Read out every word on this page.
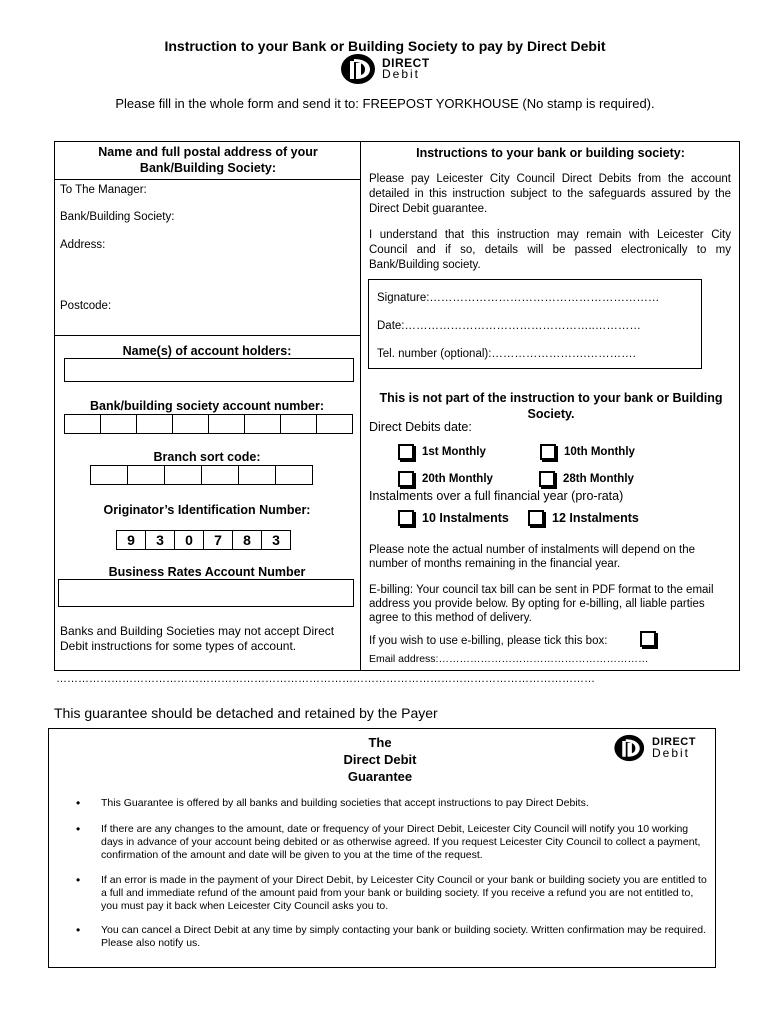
Instruction to your Bank or Building Society to pay by Direct Debit
DIRECT
Debit
Please fill in the whole form and send it to: FREEPOST YORKHOUSE (No stamp is required).
Name and full postal address of your Bank/Building Society:
To The Manager:
Bank/Building Society:
Address:
Postcode:
Name(s) of account holders:
Bank/building society account number:
Branch sort code:
Originator’s Identification Number:
9	3	0	7	8	3
Business Rates Account Number
Banks and Building Societies may not accept Direct Debit instructions for some types of account.
Instructions to your bank or building society:
Please pay Leicester City Council Direct Debits from the account detailed in this instruction subject to the safeguards assured by the Direct Debit guarantee.
I understand that this instruction may remain with Leicester City Council and if so, details will be passed electronically to my Bank/Building society.
Signature:……………………………………………………
Date:…………………………………………..…………
Tel. number (optional):…………………….………….
This is not part of the instruction to your bank or Building Society.
Direct Debits date:
1st Monthly	10th Monthly
20th Monthly	28th Monthly
Instalments over a full financial year (pro-rata)
10 Instalments	12 Instalments
Please note the actual number of instalments will depend on the number of months remaining in the financial year.
E-billing: Your council tax bill can be sent in PDF format to the email address you provide below. By opting for e-billing, all liable parties agree to this method of delivery.
If you wish to use e-billing, please tick this box:
Email address:……………………………………………………
…………………………………………………………………………………………………………………………………
This guarantee should be detached and retained by the Payer
The
Direct Debit
Guarantee
DIRECT
Debit
• This Guarantee is offered by all banks and building societies that accept instructions to pay Direct Debits.
• If there are any changes to the amount, date or frequency of your Direct Debit, Leicester City Council will notify you 10 working days in advance of your account being debited or as otherwise agreed. If you request Leicester City Council to collect a payment, confirmation of the amount and date will be given to you at the time of the request.
• If an error is made in the payment of your Direct Debit, by Leicester City Council or your bank or building society you are entitled to a full and immediate refund of the amount paid from your bank or building society. If you receive a refund you are not entitled to, you must pay it back when Leicester City Council asks you to.
• You can cancel a Direct Debit at any time by simply contacting your bank or building society. Written confirmation may be required. Please also notify us.
